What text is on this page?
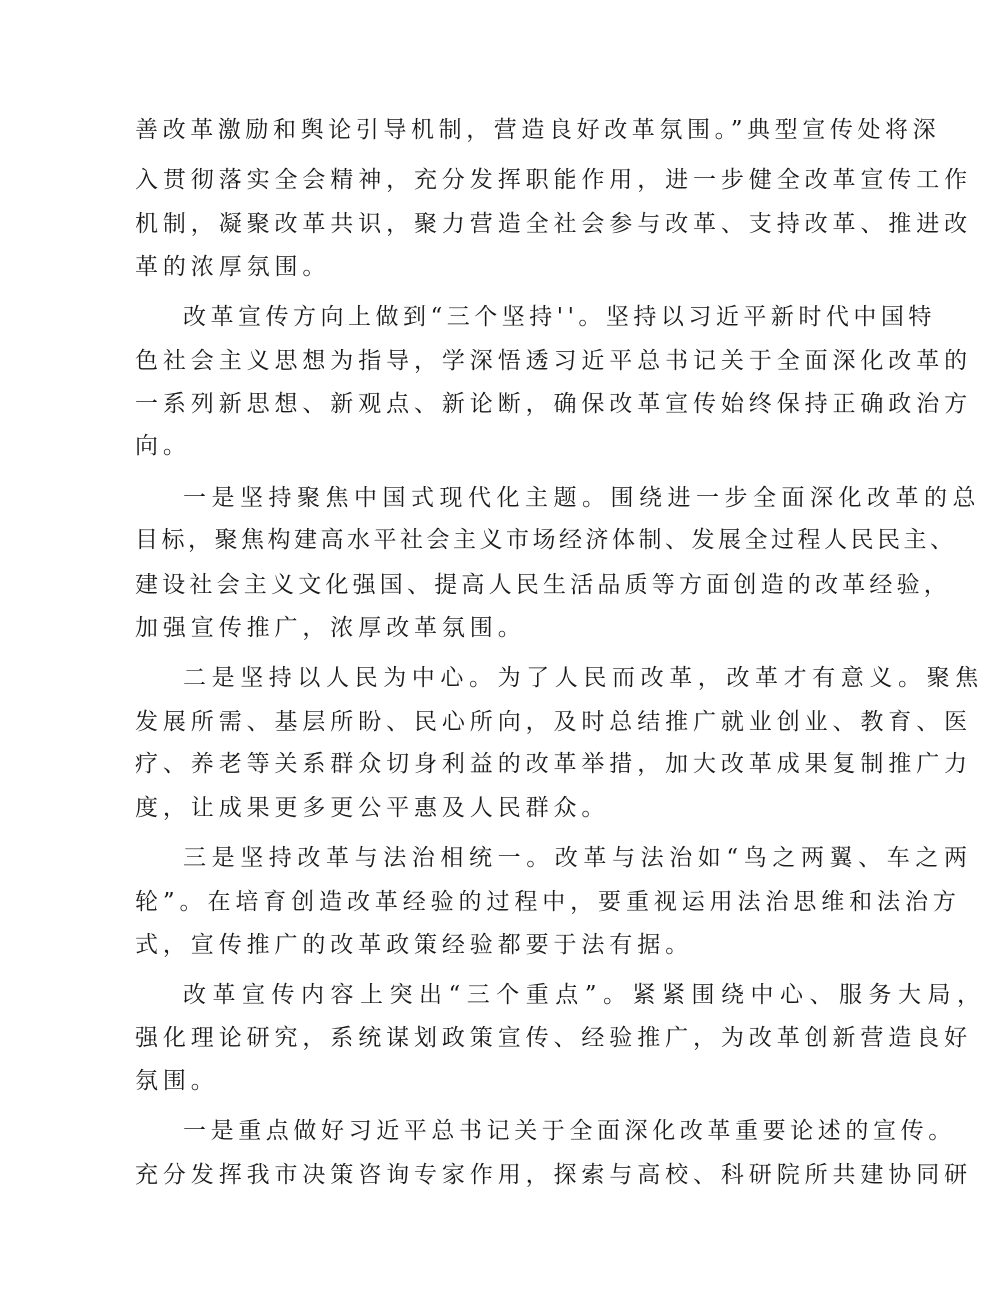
善改革激励和舆论引导机制，营造良好改革氛围。”典型宣传处将深
入贯彻落实全会精神，充分发挥职能作用，进一步健全改革宣传工作
机制，凝聚改革共识，聚力营造全社会参与改革、支持改革、推进改
革的浓厚氛围。
改革宣传方向上做到“三个坚持''。坚持以习近平新时代中国特
色社会主义思想为指导，学深悟透习近平总书记关于全面深化改革的
一系列新思想、新观点、新论断，确保改革宣传始终保持正确政治方
向。
一是坚持聚焦中国式现代化主题。围绕进一步全面深化改革的总
目标，聚焦构建高水平社会主义市场经济体制、发展全过程人民民主、
建设社会主义文化强国、提高人民生活品质等方面创造的改革经验，
加强宣传推广，浓厚改革氛围。
二是坚持以人民为中心。为了人民而改革，改革才有意义。聚焦
发展所需、基层所盼、民心所向，及时总结推广就业创业、教育、医
疗、养老等关系群众切身利益的改革举措，加大改革成果复制推广力
度，让成果更多更公平惠及人民群众。
三是坚持改革与法治相统一。改革与法治如“鸟之两翼、车之两
轮”。在培育创造改革经验的过程中，要重视运用法治思维和法治方
式，宣传推广的改革政策经验都要于法有据。
改革宣传内容上突出“三个重点”。紧紧围绕中心、服务大局，
强化理论研究，系统谋划政策宣传、经验推广，为改革创新营造良好
氛围。
一是重点做好习近平总书记关于全面深化改革重要论述的宣传。
充分发挥我市决策咨询专家作用，探索与高校、科研院所共建协同研
